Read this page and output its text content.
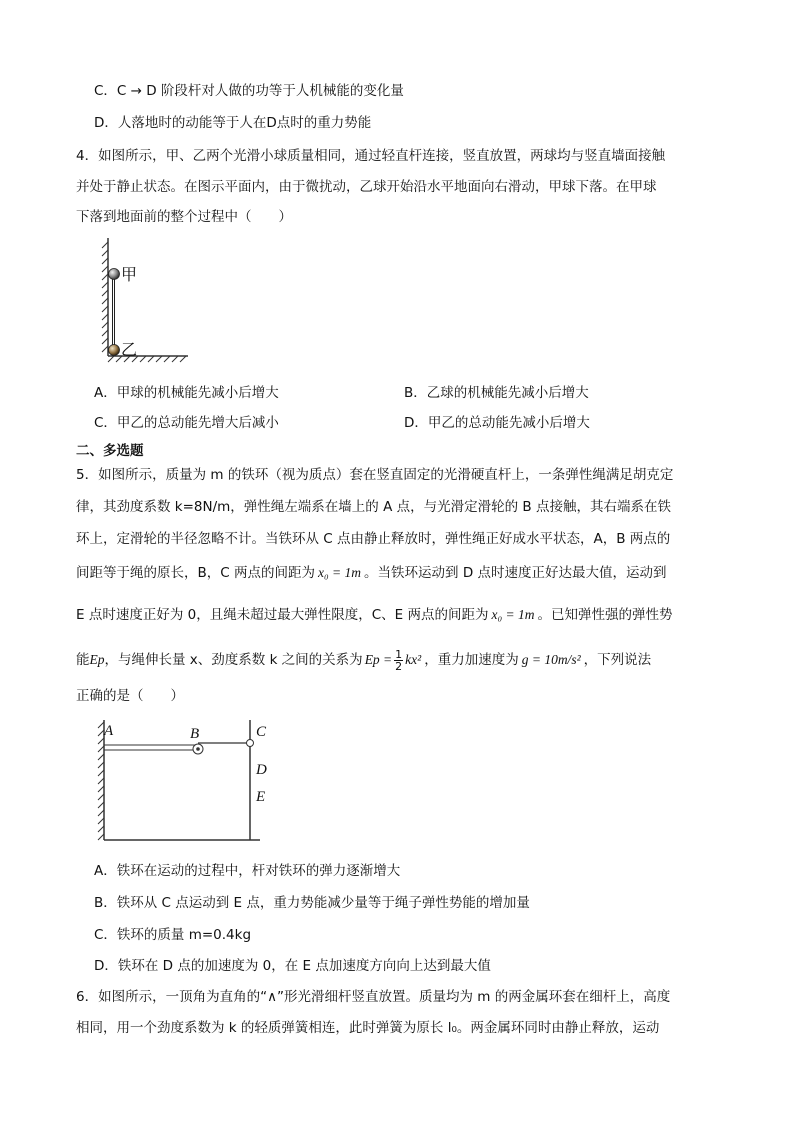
C．C → D 阶段杆对人做的功等于人机械能的变化量
D．人落地时的动能等于人在D点时的重力势能
4．如图所示，甲、乙两个光滑小球质量相同，通过轻直杆连接，竖直放置，两球均与竖直墙面接触
并处于静止状态。在图示平面内，由于微扰动，乙球开始沿水平地面向右滑动，甲球下落。在甲球
下落到地面前的整个过程中（　　）
甲
乙
A．甲球的机械能先减小后增大	B．乙球的机械能先减小后增大
C．甲乙的总动能先增大后减小	D．甲乙的总动能先减小后增大
二、多选题
5．如图所示，质量为 m 的铁环（视为质点）套在竖直固定的光滑硬直杆上，一条弹性绳满足胡克定
律，其劲度系数 k=8N/m，弹性绳左端系在墙上的 A 点，与光滑定滑轮的 B 点接触，其右端系在铁
环上，定滑轮的半径忽略不计。当铁环从 C 点由静止释放时，弹性绳正好成水平状态，A，B 两点的
间距等于绳的原长，B，C 两点的间距为 x₀ = 1m 。当铁环运动到 D 点时速度正好达最大值，运动到
E 点时速度正好为 0，且绳未超过最大弹性限度，C、E 两点的间距为 x₀ = 1m 。已知弹性强的弹性势
能Ep，与绳伸长量 x、劲度系数 k 之间的关系为 $Ep = \frac{1}{2} kx^2$ ，重力加速度为 g = 10m/s² ，下列说法
正确的是（　　）
A	B	C
D
E
A．铁环在运动的过程中，杆对铁环的弹力逐渐增大
B．铁环从 C 点运动到 E 点，重力势能减少量等于绳子弹性势能的增加量
C．铁环的质量 m=0.4kg
D．铁环在 D 点的加速度为 0，在 E 点加速度方向向上达到最大值
6．如图所示，一顶角为直角的“∧”形光滑细杆竖直放置。质量均为 m 的两金属环套在细杆上，高度
相同，用一个劲度系数为 k 的轻质弹簧相连，此时弹簧为原长 l₀。两金属环同时由静止释放，运动
